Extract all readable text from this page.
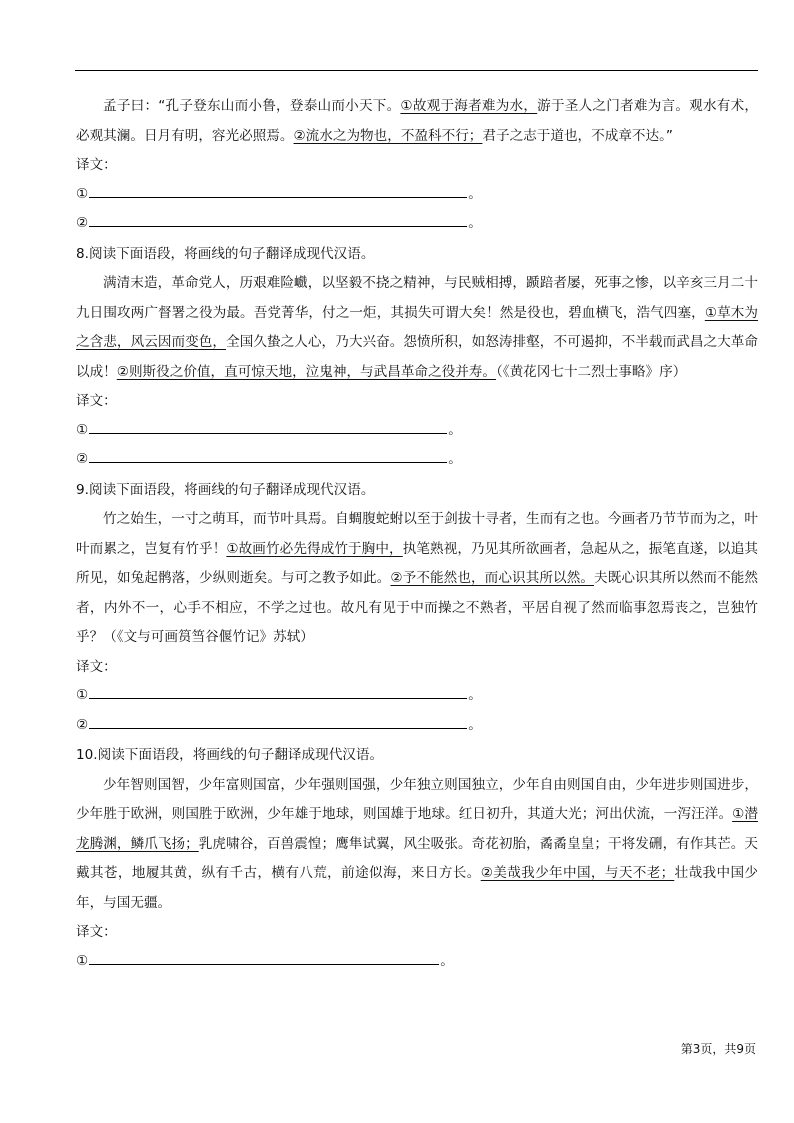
孟子曰：“孔子登东山而小鲁，登泰山而小天下。①故观于海者难为水，游于圣人之门者难为言。观水有术，必观其澜。日月有明，容光必照焉。②流水之为物也，不盈科不行；君子之志于道也，不成章不达。”

译文：

①	。
②	。

8.阅读下面语段，将画线的句子翻译成现代汉语。

满清末造，革命党人，历艰难险巇，以坚毅不挠之精神，与民贼相搏，踬踣者屡，死事之惨，以辛亥三月二十九日围攻两广督署之役为最。吾党菁华，付之一炬，其损失可谓大矣！然是役也，碧血横飞，浩气四塞，①草木为之含悲，风云因而变色，全国久蛰之人心，乃大兴奋。怨愤所积，如怒涛排壑，不可遏抑，不半载而武昌之大革命以成！②则斯役之价值，直可惊天地，泣鬼神，与武昌革命之役并寿。（《黄花冈七十二烈士事略》序）

译文：

①	。
②	。

9.阅读下面语段，将画线的句子翻译成现代汉语。

竹之始生，一寸之萌耳，而节叶具焉。自蜩腹蛇蚹以至于剑拔十寻者，生而有之也。今画者乃节节而为之，叶叶而累之，岂复有竹乎！①故画竹必先得成竹于胸中，执笔熟视，乃见其所欲画者，急起从之，振笔直遂，以追其所见，如兔起鹘落，少纵则逝矣。与可之教予如此。②予不能然也，而心识其所以然。夫既心识其所以然而不能然者，内外不一，心手不相应，不学之过也。故凡有见于中而操之不熟者，平居自视了然而临事忽焉丧之，岂独竹乎？（《文与可画筼筜谷偃竹记》苏轼）

译文：

①	。
②	。

10.阅读下面语段，将画线的句子翻译成现代汉语。

少年智则国智，少年富则国富，少年强则国强，少年独立则国独立，少年自由则国自由，少年进步则国进步，少年胜于欧洲，则国胜于欧洲，少年雄于地球，则国雄于地球。红日初升，其道大光；河出伏流，一泻汪洋。①潜龙腾渊，鳞爪飞扬；乳虎啸谷，百兽震惶；鹰隼试翼，风尘吸张。奇花初胎，矞矞皇皇；干将发硎，有作其芒。天戴其苍，地履其黄，纵有千古，横有八荒，前途似海，来日方长。②美哉我少年中国，与天不老；壮哉我中国少年，与国无疆。

译文：

①	。
第3页，共9页
